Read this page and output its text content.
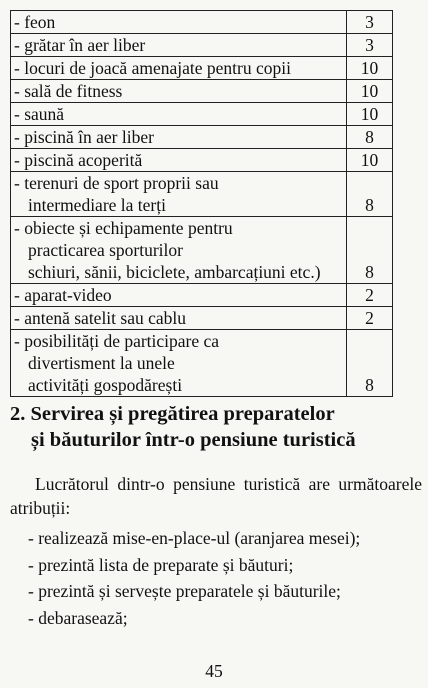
- feon	3

- grătar în aer liber	3

- locuri de joacă amenajate pentru copii	10

- sală de fitness	10

- saună	10

- piscină în aer liber	8

- piscină acoperită	10

- terenuri de sport proprii sau
intermediare la terți	8

- obiecte și echipamente pentru
practicarea sporturilor
schiuri, sănii, biciclete, ambarcațiuni etc.)	8

- aparat-video	2

- antenă satelit sau cablu	2

- posibilități de participare ca
divertisment la unele
activități gospodărești	8
2. Servirea și pregătirea preparatelor
și băuturilor într-o pensiune turistică

Lucrătorul dintr-o pensiune turistică are următoarele atribuții:

- realizează mise-en-place-ul (aranjarea mesei);
- prezintă lista de preparate și băuturi;
- prezintă și servește preparatele și băuturile;
- debarasează;
45
